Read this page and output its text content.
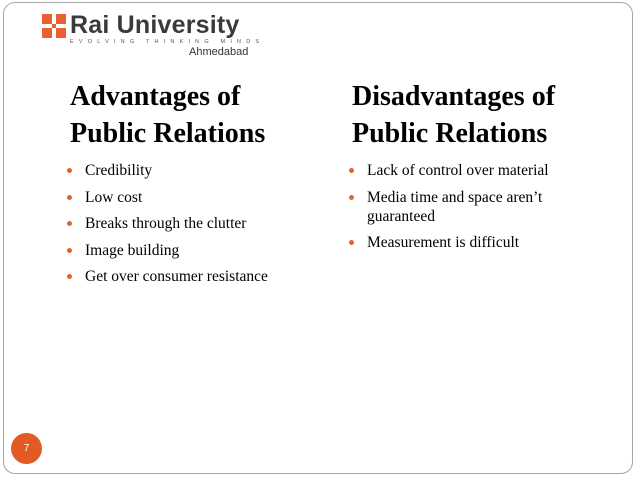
Rai University
EVOLVING THINKING MINDS
Ahmedabad
Advantages of
Public Relations
Credibility
Low cost
Breaks through the clutter
Image building
Get over consumer resistance
Disadvantages of
Public Relations
Lack of control over material
Media time and space aren’t guaranteed
Measurement is difficult
7
